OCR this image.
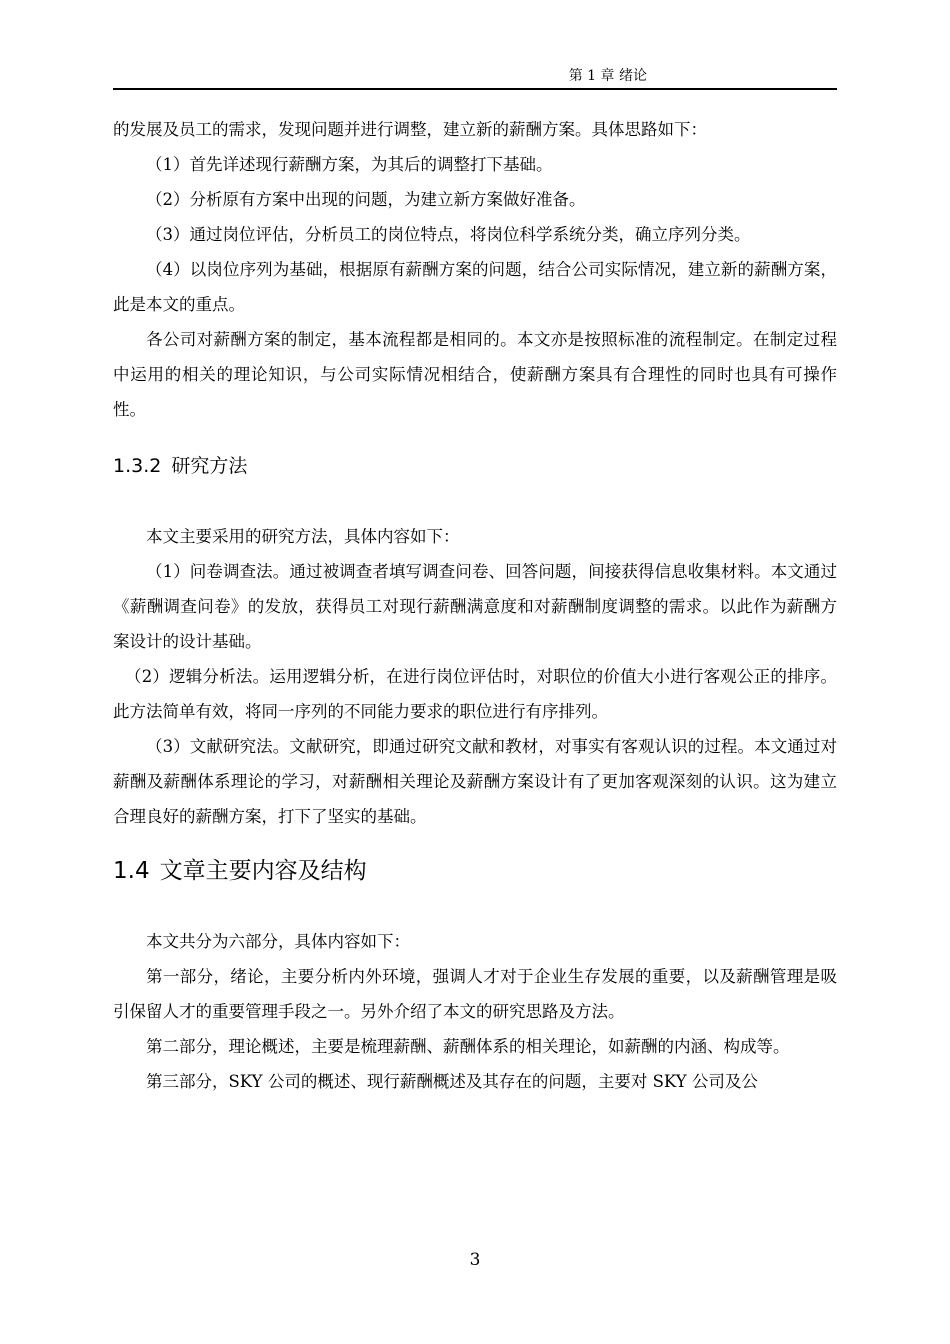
第 1 章 绪论

的发展及员工的需求，发现问题并进行调整，建立新的薪酬方案。具体思路如下：

（1）首先详述现行薪酬方案，为其后的调整打下基础。

（2）分析原有方案中出现的问题，为建立新方案做好准备。

（3）通过岗位评估，分析员工的岗位特点，将岗位科学系统分类，确立序列分类。

（4）以岗位序列为基础，根据原有薪酬方案的问题，结合公司实际情况，建立新的薪酬方案，此是本文的重点。

各公司对薪酬方案的制定，基本流程都是相同的。本文亦是按照标准的流程制定。在制定过程中运用的相关的理论知识，与公司实际情况相结合，使薪酬方案具有合理性的同时也具有可操作性。

1.3.2 研究方法

本文主要采用的研究方法，具体内容如下：

（1）问卷调查法。通过被调查者填写调查问卷、回答问题，间接获得信息收集材料。本文通过《薪酬调查问卷》的发放，获得员工对现行薪酬满意度和对薪酬制度调整的需求。以此作为薪酬方案设计的设计基础。

（2）逻辑分析法。运用逻辑分析，在进行岗位评估时，对职位的价值大小进行客观公正的排序。此方法简单有效，将同一序列的不同能力要求的职位进行有序排列。

（3）文献研究法。文献研究，即通过研究文献和教材，对事实有客观认识的过程。本文通过对薪酬及薪酬体系理论的学习，对薪酬相关理论及薪酬方案设计有了更加客观深刻的认识。这为建立合理良好的薪酬方案，打下了坚实的基础。

1.4 文章主要内容及结构

本文共分为六部分，具体内容如下：

第一部分，绪论，主要分析内外环境，强调人才对于企业生存发展的重要，以及薪酬管理是吸引保留人才的重要管理手段之一。另外介绍了本文的研究思路及方法。

第二部分，理论概述，主要是梳理薪酬、薪酬体系的相关理论，如薪酬的内涵、构成等。

第三部分，SKY 公司的概述、现行薪酬概述及其存在的问题，主要对 SKY 公司及公

3
